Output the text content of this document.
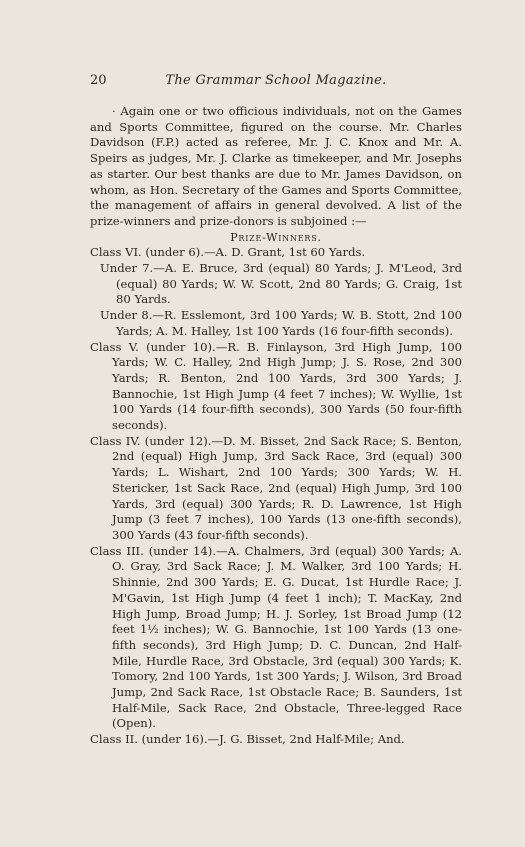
20	The Grammar School Magazine.

· Again one or two officious individuals, not on the Games and Sports Committee, figured on the course. Mr. Charles Davidson (F.P.) acted as referee, Mr. J. C. Knox and Mr. A. Speirs as judges, Mr. J. Clarke as timekeeper, and Mr. Josephs as starter. Our best thanks are due to Mr. James Davidson, on whom, as Hon. Secretary of the Games and Sports Committee, the management of affairs in general devolved. A list of the prize-winners and prize-donors is subjoined :—

Prize-Winners.

Class VI. (under 6).—A. D. Grant, 1st 60 Yards.

Under 7.—A. E. Bruce, 3rd (equal) 80 Yards; J. M'Leod, 3rd (equal) 80 Yards; W. W. Scott, 2nd 80 Yards; G. Craig, 1st 80 Yards.

Under 8.—R. Esslemont, 3rd 100 Yards; W. B. Stott, 2nd 100 Yards; A. M. Halley, 1st 100 Yards (16 four-fifth seconds).

Class V. (under 10).—R. B. Finlayson, 3rd High Jump, 100 Yards; W. C. Halley, 2nd High Jump; J. S. Rose, 2nd 300 Yards; R. Benton, 2nd 100 Yards, 3rd 300 Yards; J. Bannochie, 1st High Jump (4 feet 7 inches); W. Wyllie, 1st 100 Yards (14 four-fifth seconds), 300 Yards (50 four-fifth seconds).

Class IV. (under 12).—D. M. Bisset, 2nd Sack Race; S. Benton, 2nd (equal) High Jump, 3rd Sack Race, 3rd (equal) 300 Yards; L. Wishart, 2nd 100 Yards; 300 Yards; W. H. Stericker, 1st Sack Race, 2nd (equal) High Jump, 3rd 100 Yards, 3rd (equal) 300 Yards; R. D. Lawrence, 1st High Jump (3 feet 7 inches), 100 Yards (13 one-fifth seconds), 300 Yards (43 four-fifth seconds).

Class III. (under 14).—A. Chalmers, 3rd (equal) 300 Yards; A. O. Gray, 3rd Sack Race; J. M. Walker, 3rd 100 Yards; H. Shinnie, 2nd 300 Yards; E. G. Ducat, 1st Hurdle Race; J. M'Gavin, 1st High Jump (4 feet 1 inch); T. MacKay, 2nd High Jump, Broad Jump; H. J. Sorley, 1st Broad Jump (12 feet 1½ inches); W. G. Bannochie, 1st 100 Yards (13 one-fifth seconds), 3rd High Jump; D. C. Duncan, 2nd Half-Mile, Hurdle Race, 3rd Obstacle, 3rd (equal) 300 Yards; K. Tomory, 2nd 100 Yards, 1st 300 Yards; J. Wilson, 3rd Broad Jump, 2nd Sack Race, 1st Obstacle Race; B. Saunders, 1st Half-Mile, Sack Race, 2nd Obstacle, Three-legged Race (Open).

Class II. (under 16).—J. G. Bisset, 2nd Half-Mile; And.
